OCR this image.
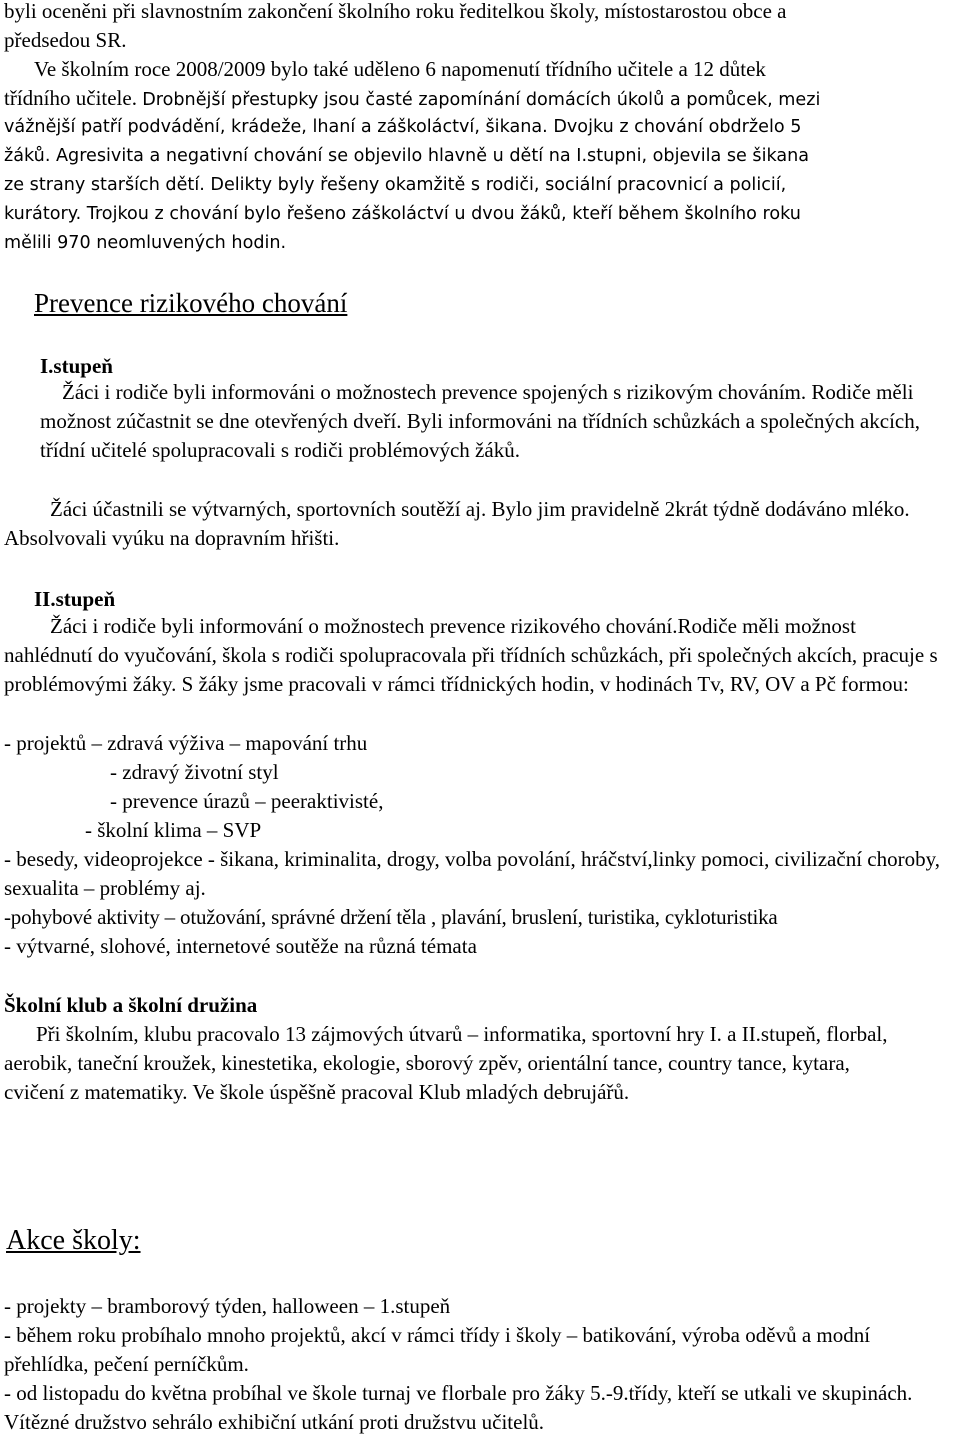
byli oceněni při slavnostním zakončení školního roku ředitelkou školy, místostarostou obce a
předsedou SR.
Ve školním roce 2008/2009 bylo také uděleno 6 napomenutí třídního učitele a 12 důtek
třídního učitele. Drobnější přestupky jsou časté zapomínání domácích úkolů a pomůcek, mezi
vážnější patří podvádění, krádeže, lhaní a záškoláctví, šikana. Dvojku z chování obdrželo 5
žáků. Agresivita a negativní chování se objevilo hlavně u dětí na I.stupni, objevila se šikana
ze strany starších dětí. Delikty byly řešeny okamžitě s rodiči, sociální pracovnicí a policií,
kurátory. Trojkou z chování bylo řešeno záškoláctví u dvou žáků, kteří během školního roku
mělili 970 neomluvených hodin.
Prevence rizikového chování
I.stupeň

Žáci i rodiče byli informováni o možnostech prevence spojených s rizikovým chováním. Rodiče měli možnost zúčastnit se dne otevřených dveří. Byli informováni na třídních schůzkách a společných akcích, třídní učitelé spolupracovali s rodiči problémových žáků.

Žáci účastnili se výtvarných, sportovních soutěží aj. Bylo jim pravidelně 2krát týdně dodáváno mléko. Absolvovali vyúku na dopravním hřišti.

II.stupeň

Žáci i rodiče byli informování o možnostech prevence rizikového chování.Rodiče měli možnost nahlédnutí do vyučování, škola s rodiči spolupracovala při třídních schůzkách, při společných akcích, pracuje s problémovými žáky. S žáky jsme pracovali v rámci třídnických hodin, v hodinách Tv, RV, OV a Pč formou:

- projektů – zdravá výživa – mapování trhu
- zdravý životní styl
- prevence úrazů – peeraktivisté,
- školní klima – SVP

- besedy, videoprojekce - šikana, kriminalita, drogy, volba povolání, hráčství,linky pomoci, civilizační choroby, sexualita – problémy aj.

-pohybové aktivity – otužování, správné držení těla , plavání, bruslení, turistika, cykloturistika
- výtvarné, slohové, internetové soutěže na různá témata
Školní klub a školní družina

Při školním, klubu pracovalo 13 zájmových útvarů – informatika, sportovní hry I. a II.stupeň, florbal, aerobik, taneční kroužek, kinestetika, ekologie, sborový zpěv, orientální tance, country tance, kytara, cvičení z matematiky. Ve škole úspěšně pracoval Klub mladých debrujářů.

Akce školy:
- projekty – bramborový týden, halloween – 1.stupeň

- během roku probíhalo mnoho projektů, akcí v rámci třídy i školy – batikování, výroba oděvů a modní přehlídka, pečení perníčkům.

- od listopadu do května probíhal ve škole turnaj ve florbale pro žáky 5.-9.třídy, kteří se utkali ve skupinách. Vítězné družstvo sehrálo exhibiční utkání proti družstvu učitelů.
